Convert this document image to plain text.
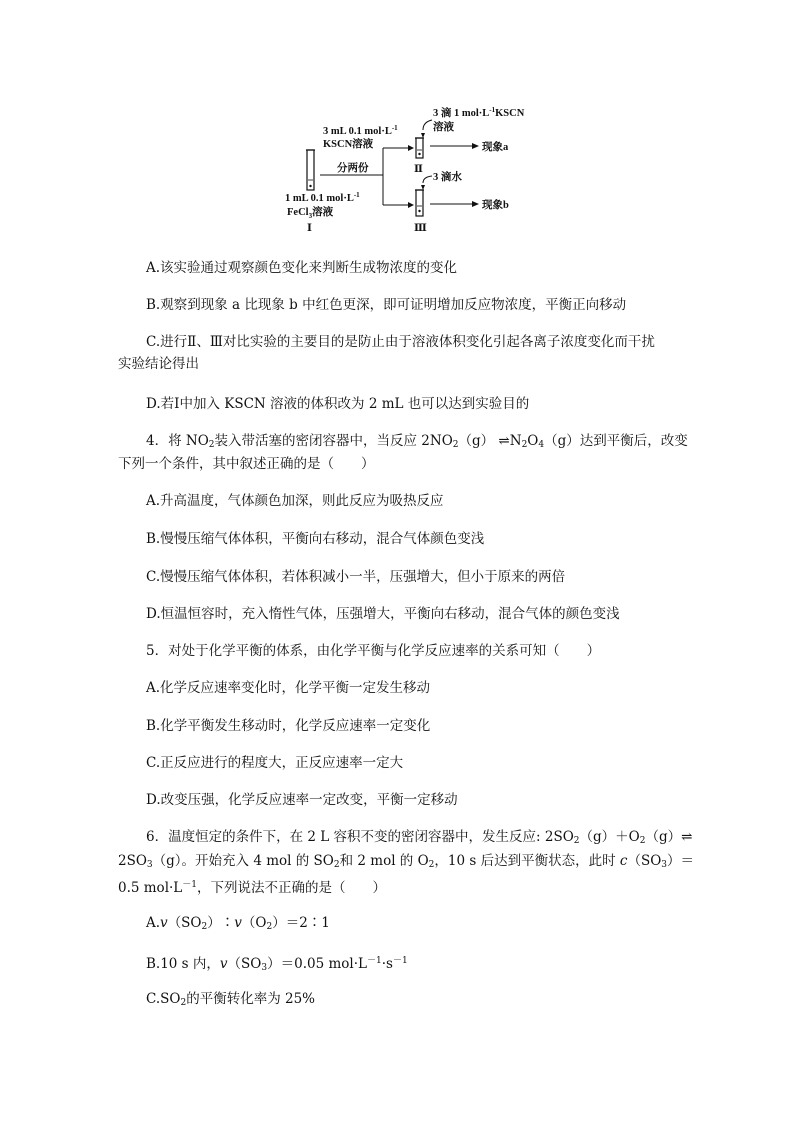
3 mL 0.1 $mol\cdot L^{-1}$
KSCN溶液
1 mL 0.1 $mol\cdot L^{-1}$
FeCl$_3$溶液
Ⅰ
分两份
3 滴 1 $mol\cdot L^{-1}KSCN$
溶液
Ⅱ
现象a
3 滴水
Ⅲ
现象b
A.该实验通过观察颜色变化来判断生成物浓度的变化
B.观察到现象 a 比现象 b 中红色更深，即可证明增加反应物浓度，平衡正向移动
C.进行Ⅱ、Ⅲ对比实验的主要目的是防止由于溶液体积变化引起各离子浓度变化而干扰
实验结论得出
D.若Ⅰ中加入 KSCN 溶液的体积改为 2 mL 也可以达到实验目的
4．将 $NO_2$装入带活塞的密闭容器中，当反应 $2NO_2(g)$ $\rightleftharpoons N_2O_4(g)$达到平衡后，改变
下列一个条件，其中叙述正确的是（　　）
A.升高温度，气体颜色加深，则此反应为吸热反应
B.慢慢压缩气体体积，平衡向右移动，混合气体颜色变浅
C.慢慢压缩气体体积，若体积减小一半，压强增大，但小于原来的两倍
D.恒温恒容时，充入惰性气体，压强增大，平衡向右移动，混合气体的颜色变浅
5．对处于化学平衡的体系，由化学平衡与化学反应速率的关系可知（　　）
A.化学反应速率变化时，化学平衡一定发生移动
B.化学平衡发生移动时，化学反应速率一定变化
C.正反应进行的程度大，正反应速率一定大
D.改变压强，化学反应速率一定改变，平衡一定移动
6．温度恒定的条件下，在 2 L 容积不变的密闭容器中，发生反应: $2SO_2(g)+O_2(g)\rightleftharpoons$
$2SO_3(g)$。开始充入 4 mol 的 $SO_2$和 2 mol 的 $O_2$，10 s 后达到平衡状态，此时 $c(SO_3)=$
0.5 $mol\cdot L^{-1}$，下列说法不正确的是（　　）
$A.v(SO_2)∶v(O_2)=2∶1$
B.10 s 内，$v(SO_3)=0.05$ $mol\cdot L^{-1}\cdot s^{-1}$
$C.SO_2$的平衡转化率为 25%
